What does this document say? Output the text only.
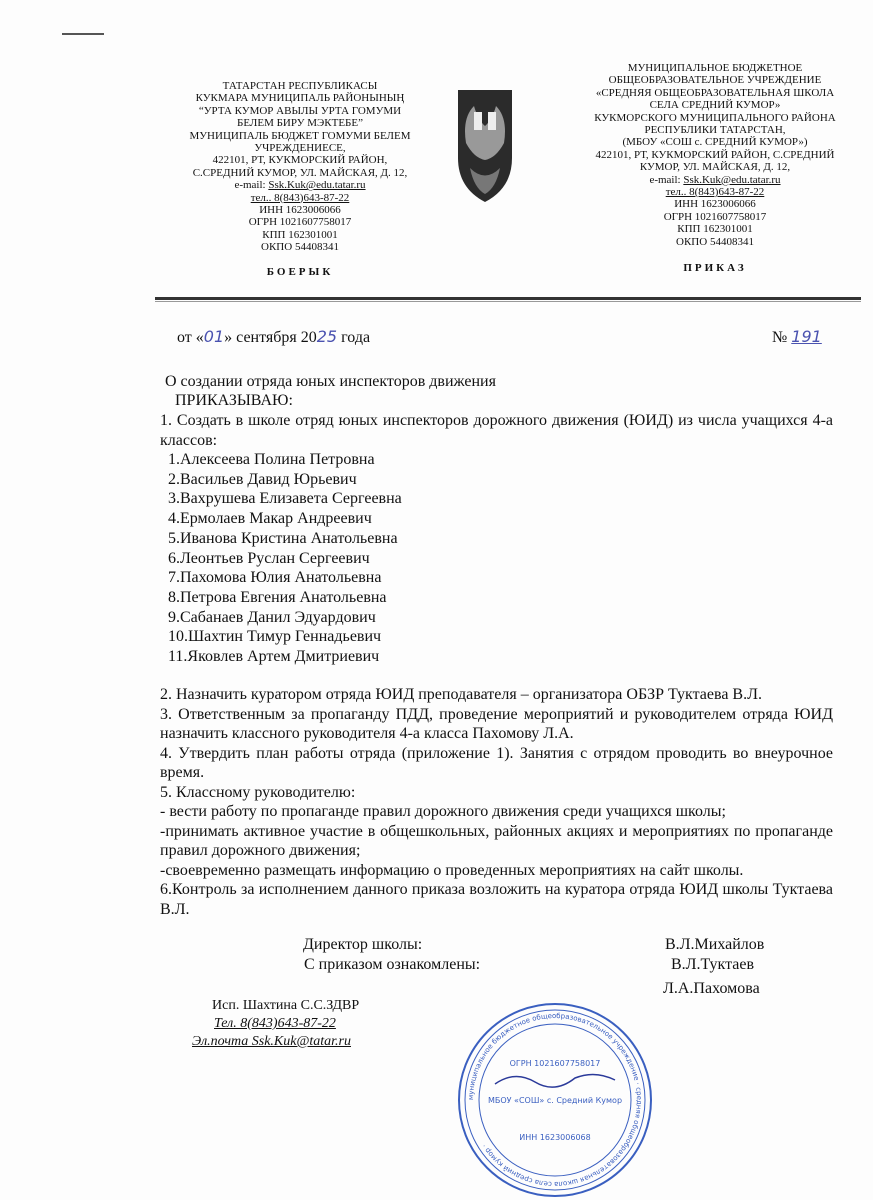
ТАТАРСТАН РЕСПУБЛИКАСЫ
КУКМАРА МУНИЦИПАЛЬ РАЙОНЫНЫҢ
“УРТА КУМОР АВЫЛЫ УРТА ГОМУМИ
БЕЛЕМ БИРУ МЭКТЕБЕ”
МУНИЦИПАЛЬ БЮДЖЕТ ГОМУМИ БЕЛЕМ
УЧРЕЖДЕНИЕСЕ,
422101, РТ, КУКМОРСКИЙ РАЙОН,
С.СРЕДНИЙ КУМОР, УЛ. МАЙСКАЯ, Д. 12,
e-mail: Ssk.Kuk@edu.tatar.ru
тел.. 8(843)643-87-22
ИНН 1623006066
ОГРН 1021607758017
КПП 162301001
ОКПО 54408341
БОЕРЫК
МУНИЦИПАЛЬНОЕ БЮДЖЕТНОЕ
ОБЩЕОБРАЗОВАТЕЛЬНОЕ УЧРЕЖДЕНИЕ
«СРЕДНЯЯ ОБЩЕОБРАЗОВАТЕЛЬНАЯ ШКОЛА
СЕЛА СРЕДНИЙ КУМОР»
КУКМОРСКОГО МУНИЦИПАЛЬНОГО РАЙОНА
РЕСПУБЛИКИ ТАТАРСТАН,
(МБОУ «СОШ с. СРЕДНИЙ КУМОР»)
422101, РТ, КУКМОРСКИЙ РАЙОН, С.СРЕДНИЙ
КУМОР, УЛ. МАЙСКАЯ, Д. 12,
e-mail: Ssk.Kuk@edu.tatar.ru
тел.. 8(843)643-87-22
ИНН 1623006066
ОГРН 1021607758017
КПП 162301001
ОКПО 54408341
ПРИКАЗ
от «01» сентября 2025 года	№ 191
О создании отряда юных инспекторов движения
ПРИКАЗЫВАЮ:
1. Создать в школе отряд юных инспекторов дорожного движения (ЮИД) из числа учащихся 4-а классов:
1.Алексеева Полина Петровна
2.Васильев Давид Юрьевич
3.Вахрушева Елизавета Сергеевна
4.Ермолаев Макар Андреевич
5.Иванова Кристина Анатольевна
6.Леонтьев Руслан Сергеевич
7.Пахомова Юлия Анатольевна
8.Петрова Евгения Анатольевна
9.Сабанаев Данил Эдуардович
10.Шахтин Тимур Геннадьевич
11.Яковлев Артем Дмитриевич
2. Назначить куратором отряда ЮИД преподавателя – организатора ОБЗР Туктаева В.Л.
3. Ответственным за пропаганду ПДД, проведение мероприятий и руководителем отряда ЮИД назначить классного руководителя 4-а класса Пахомову Л.А.
4. Утвердить план работы отряда (приложение 1). Занятия с отрядом проводить во внеурочное время.
5. Классному руководителю:
- вести работу по пропаганде правил дорожного движения среди учащихся школы;
-принимать активное участие в общешкольных, районных акциях и мероприятиях по пропаганде правил дорожного движения;
-своевременно размещать информацию о проведенных мероприятиях на сайт школы.
6.Контроль за исполнением данного приказа возложить на куратора отряда ЮИД школы Туктаева В.Л.
Директор школы:	В.Л.Михайлов
С приказом ознакомлены:	В.Л.Туктаев
Л.А.Пахомова
Исп. Шахтина С.С.ЗДВР
Тел. 8(843)643-87-22
Эл.почта Ssk.Kuk@tatar.ru
муниципальное бюджетное общеобразовательное учреждение · средняя общеобразовательная школа села средний кумор ·
ОГРН 1021607758017
МБОУ «СОШ» с. Средний Кумор
ИНН 1623006068
